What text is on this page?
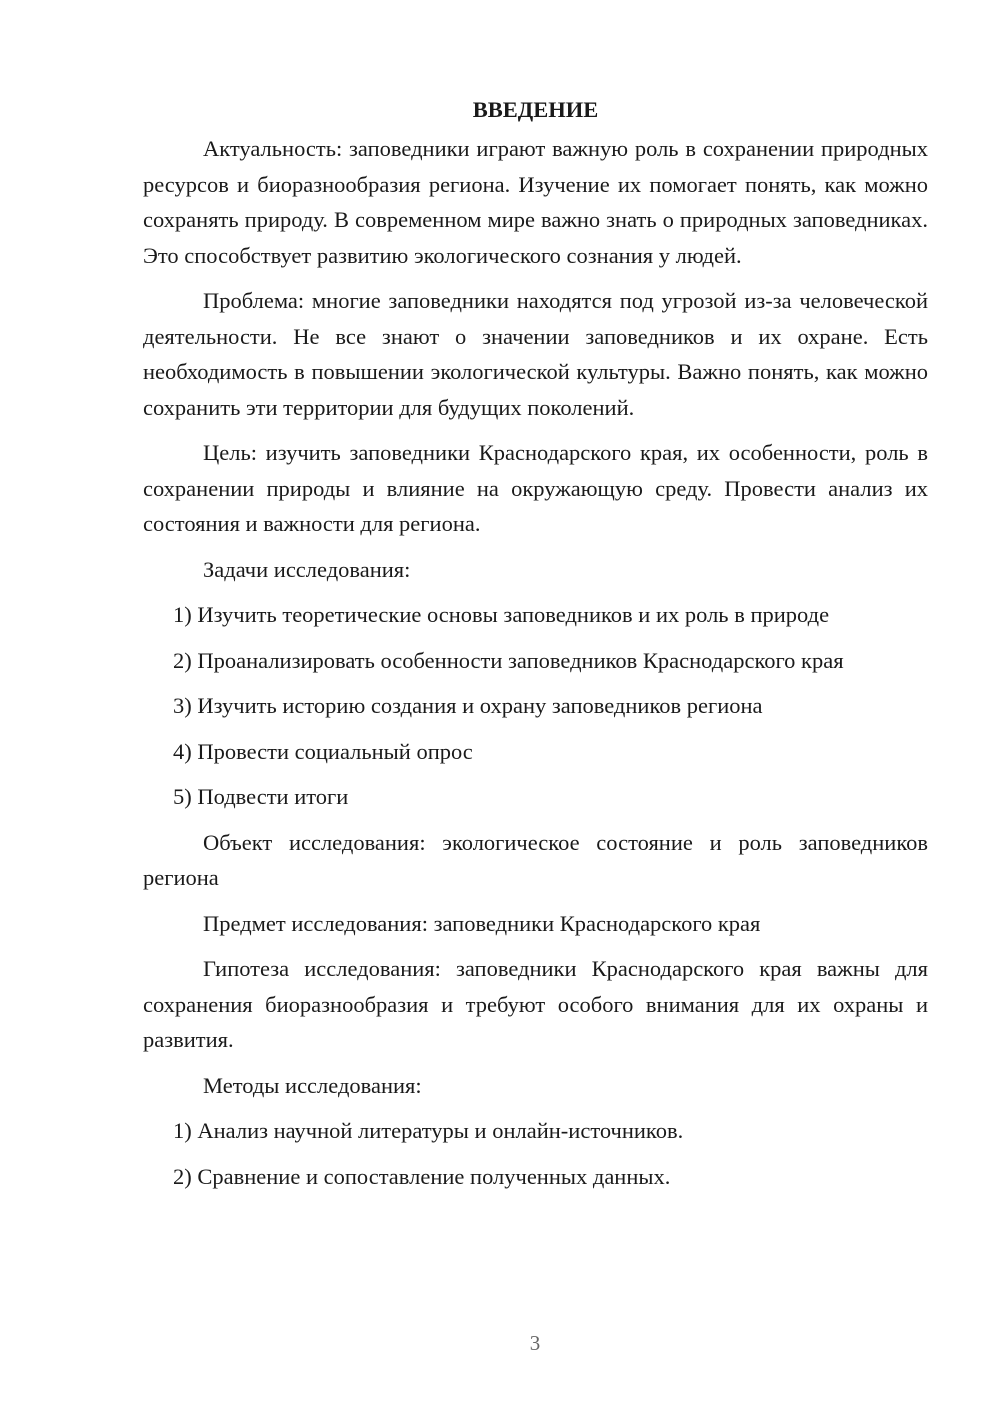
ВВЕДЕНИЕ

Актуальность: заповедники играют важную роль в сохранении природных ресурсов и биоразнообразия региона. Изучение их помогает понять, как можно сохранять природу. В современном мире важно знать о природных заповедниках. Это способствует развитию экологического сознания у людей.

Проблема: многие заповедники находятся под угрозой из-за человеческой деятельности. Не все знают о значении заповедников и их охране. Есть необходимость в повышении экологической культуры. Важно понять, как можно сохранить эти территории для будущих поколений.

Цель: изучить заповедники Краснодарского края, их особенности, роль в сохранении природы и влияние на окружающую среду. Провести анализ их состояния и важности для региона.

Задачи исследования:

1) Изучить теоретические основы заповедников и их роль в природе

2) Проанализировать особенности заповедников Краснодарского края

3) Изучить историю создания и охрану заповедников региона

4) Провести социальный опрос

5) Подвести итоги

Объект исследования: экологическое состояние и роль заповедников региона

Предмет исследования: заповедники Краснодарского края

Гипотеза исследования: заповедники Краснодарского края важны для сохранения биоразнообразия и требуют особого внимания для их охраны и развития.

Методы исследования:

1) Анализ научной литературы и онлайн-источников.

2) Сравнение и сопоставление полученных данных.

3
